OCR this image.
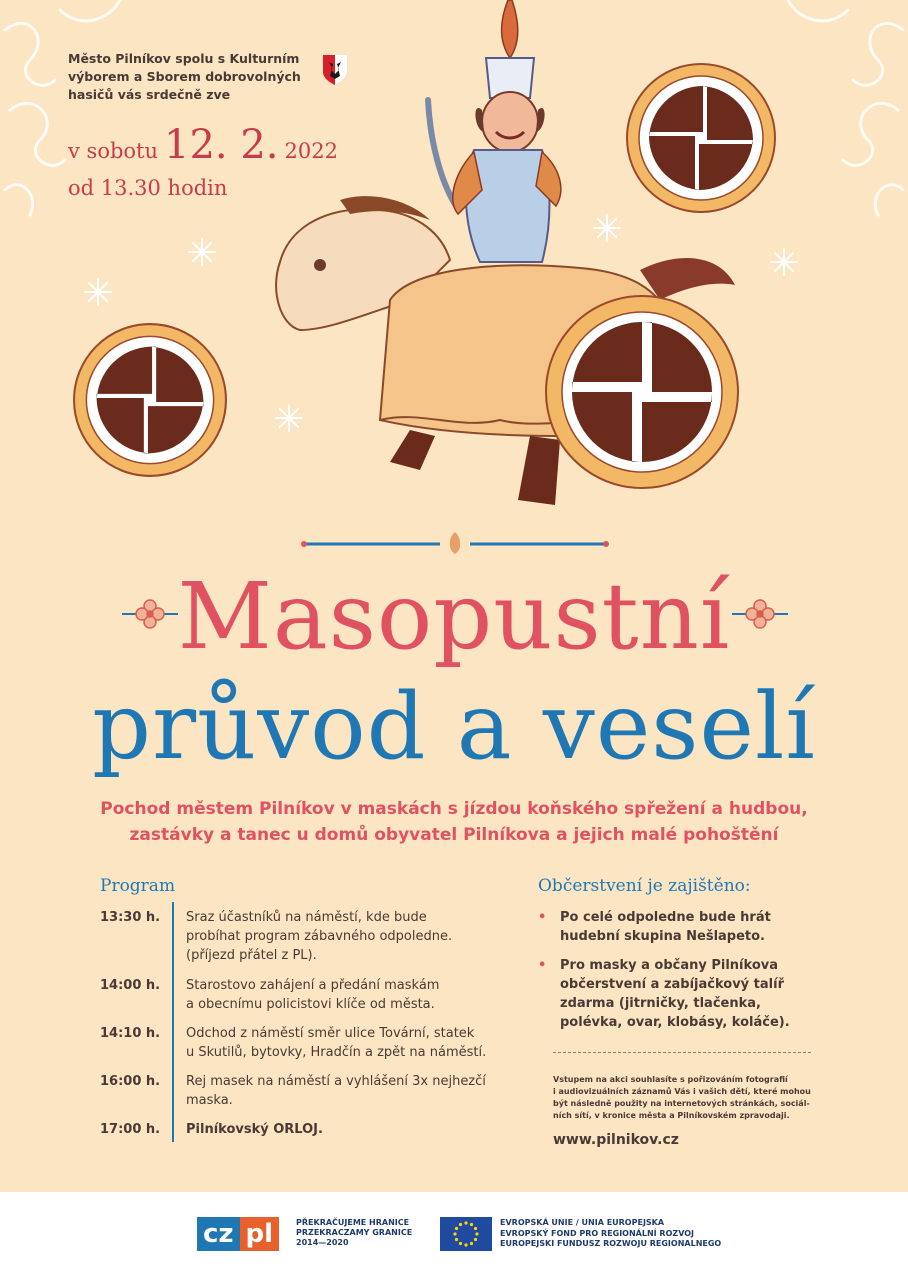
Město Pilníkov spolu s Kulturním
výborem a Sborem dobrovolných
hasičů vás srdečně zve
v sobotu 12. 2. 2022
od 13.30 hodin
Masopustní
průvod a veselí
Pochod městem Pilníkov v maskách s jízdou koňského spřežení a hudbou,
zastávky a tanec u domů obyvatel Pilníkova a jejich malé pohoštění
Program
13:30 h.	Sraz účastníků na náměstí, kde bude
probíhat program zábavného odpoledne.
(příjezd přátel z PL).
14:00 h.	Starostovo zahájení a předání maskám
a obecnímu policistovi klíče od města.
14:10 h.	Odchod z náměstí směr ulice Tovární, statek
u Skutilů, bytovky, Hradčín a zpět na náměstí.
16:00 h.	Rej masek na náměstí a vyhlášení 3x nejhezčí
maska.
17:00 h.	Pilníkovský ORLOJ.
Občerstvení je zajištěno:
• Po celé odpoledne bude hrát
hudební skupina Nešlapeto.
• Pro masky a občany Pilníkova
občerstvení a zabíjačkový talíř
zdarma (jitrničky, tlačenka,
polévka, ovar, klobásy, koláče).
Vstupem na akci souhlasíte s pořizováním fotografií
i audiovizuálních záznamů Vás i vašich dětí, které mohou
být následně použity na internetových stránkách, sociál-
ních sítí, v kronice města a Pilníkovském zpravodaji.
www.pilnikov.cz
cz pl	PŘEKRAČUJEME HRANICE
PRZEKRACZAMY GRANICE
2014—2020
EVROPSKÁ UNIE / UNIA EUROPEJSKA
EVROPSKÝ FOND PRO REGIONÁLNÍ ROZVOJ
EUROPEJSKI FUNDUSZ ROZWOJU REGIONALNEGO
